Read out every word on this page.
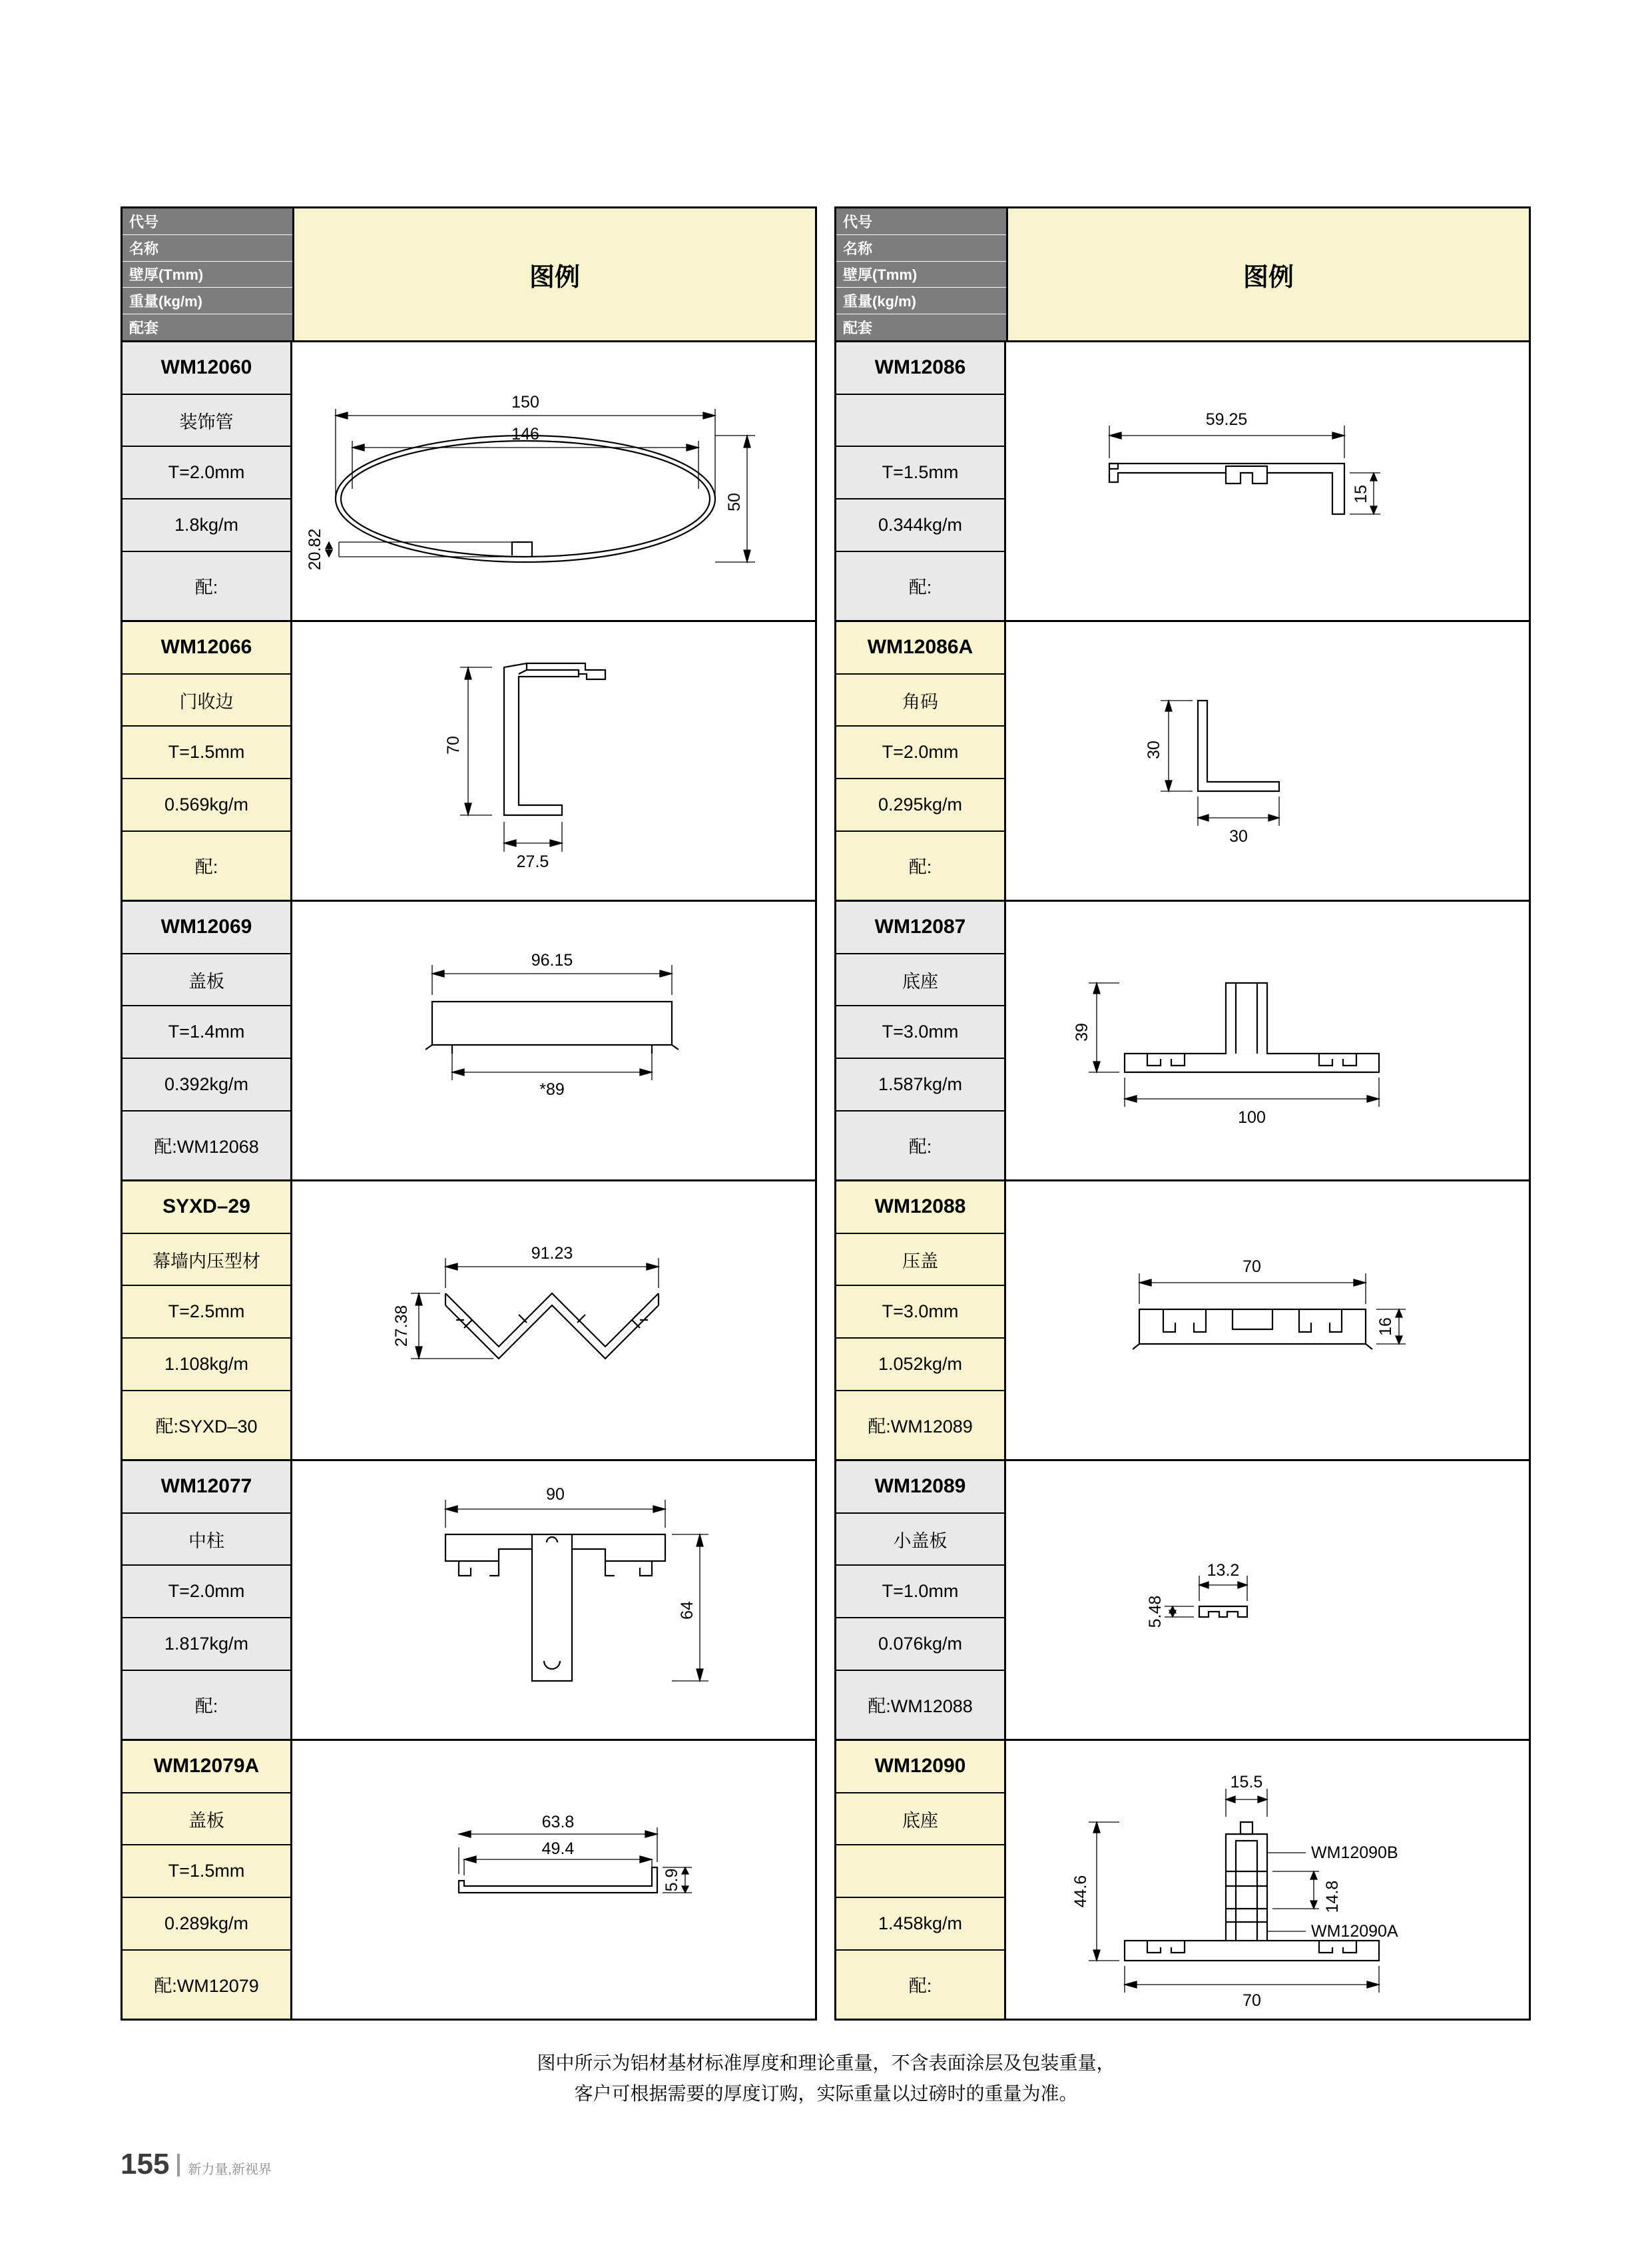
代号
名称
壁厚(Tmm)
重量(kg/m)
配套
图例
WM12060
装饰管
T=2.0mm
1.8kg/m
配:
150
146
50
20.82
WM12066
门收边
T=1.5mm
0.569kg/m
配:
70
27.5
WM12069
盖板
T=1.4mm
0.392kg/m
配:WM12068
96.15
*89
SYXD–29
幕墙内压型材
T=2.5mm
1.108kg/m
配:SYXD–30
91.23
27.38
WM12077
中柱
T=2.0mm
1.817kg/m
配:
90
64
WM12079A
盖板
T=1.5mm
0.289kg/m
配:WM12079
63.8
49.4
5.9
代号
名称
壁厚(Tmm)
重量(kg/m)
配套
图例
WM12086
T=1.5mm
0.344kg/m
配:
59.25
15
WM12086A
角码
T=2.0mm
0.295kg/m
配:
30
30
WM12087
底座
T=3.0mm
1.587kg/m
配:
39
100
WM12088
压盖
T=3.0mm
1.052kg/m
配:WM12089
70
16
WM12089
小盖板
T=1.0mm
0.076kg/m
配:WM12088
5.48
13.2
WM12090
底座
1.458kg/m
配:
15.5
44.6	14.8
70
WM12090B
WM12090A
图中所示为铝材基材标准厚度和理论重量，不含表面涂层及包装重量，
客户可根据需要的厚度订购，实际重量以过磅时的重量为准。
155 新力量,新视界
